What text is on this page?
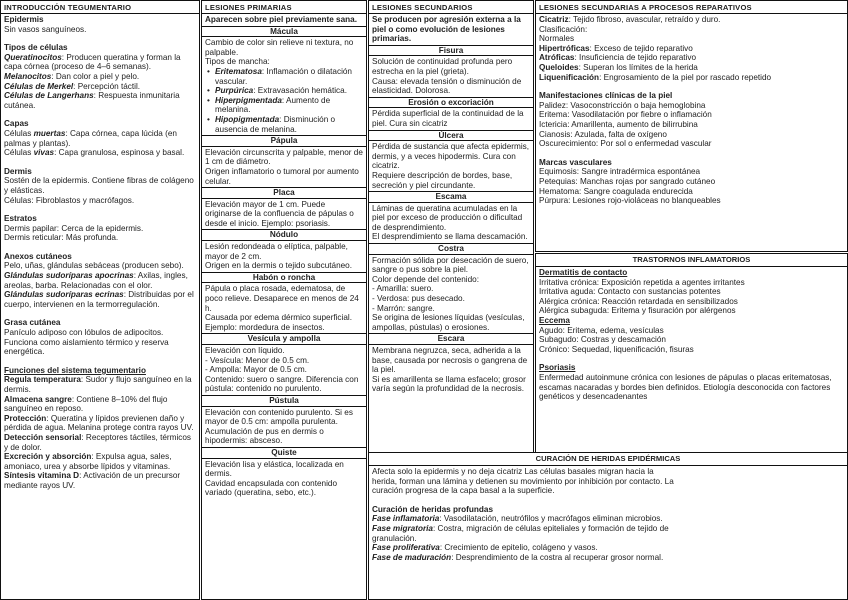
INTRODUCCIÓN TEGUMENTARIO

Epidermis

Sin vasos sanguíneos.

Tipos de células

Queratinocitos: Producen queratina y forman la capa córnea (proceso de 4–6 semanas).

Melanocitos: Dan color a piel y pelo.

Células de Merkel: Percepción táctil.

Células de Langerhans: Respuesta inmunitaria cutánea.

Capas

Células muertas: Capa córnea, capa lúcida (en palmas y plantas).

Células vivas: Capa granulosa, espinosa y basal.

Dermis

Sostén de la epidermis. Contiene fibras de colágeno y elásticas.

Células: Fibroblastos y macrófagos.

Estratos

Dermis papilar: Cerca de la epidermis.

Dermis reticular: Más profunda.

Anexos cutáneos

Pelo, uñas, glándulas sebáceas (producen sebo).

Glándulas sudoríparas apocrinas: Axilas, ingles, areolas, barba. Relacionadas con el olor.

Glándulas sudoríparas ecrinas: Distribuidas por el cuerpo, intervienen en la termorregulación.

Grasa cutánea

Panículo adiposo con lóbulos de adipocitos. Funciona como aislamiento térmico y reserva energética.

Funciones del sistema tegumentario

Regula temperatura: Sudor y flujo sanguíneo en la dermis.

Almacena sangre: Contiene 8–10% del flujo sanguíneo en reposo.

Protección: Queratina y lípidos previenen daño y pérdida de agua. Melanina protege contra rayos UV.

Detección sensorial: Receptores táctiles, térmicos y de dolor.

Excreción y absorción: Expulsa agua, sales, amoniaco, urea y absorbe lípidos y vitaminas.

Síntesis vitamina D: Activación de un precursor mediante rayos UV.

LESIONES PRIMARIAS

Aparecen sobre piel previamente sana.

Mácula

Cambio de color sin relieve ni textura, no palpable.

Tipos de mancha:

• Eritematosa: Inflamación o dilatación vascular.

• Purpúrica: Extravasación hemática.

• Hiperpigmentada: Aumento de melanina.

• Hipopigmentada: Disminución o ausencia de melanina.

Pápula

Elevación circunscrita y palpable, menor de 1 cm de diámetro.

Origen inflamatorio o tumoral por aumento celular.

Placa

Elevación mayor de 1 cm. Puede originarse de la confluencia de pápulas o desde el inicio. Ejemplo: psoriasis.

Nódulo

Lesión redondeada o elíptica, palpable, mayor de 2 cm.

Origen en la dermis o tejido subcutáneo.

Habón o roncha

Pápula o placa rosada, edematosa, de poco relieve. Desaparece en menos de 24 h.

Causada por edema dérmico superficial. Ejemplo: mordedura de insectos.

Vesícula y ampolla

Elevación con líquido.

- Vesícula: Menor de 0.5 cm.

- Ampolla: Mayor de 0.5 cm.

Contenido: suero o sangre. Diferencia con pústula: contenido no purulento.

Pústula

Elevación con contenido purulento. Si es mayor de 0.5 cm: ampolla purulenta.

Acumulación de pus en dermis o hipodermis: absceso.

Quiste

Elevación lisa y elástica, localizada en dermis.

Cavidad encapsulada con contenido variado (queratina, sebo, etc.).

LESIONES SECUNDARIOS

Se producen por agresión externa a la piel o como evolución de lesiones primarias.

Fisura

Solución de continuidad profunda pero estrecha en la piel (grieta).

Causa: elevada tensión o disminución de elasticidad. Dolorosa.

Erosión o excoriación

Pérdida superficial de la continuidad de la piel. Cura sin cicatriz

Úlcera

Pérdida de sustancia que afecta epidermis, dermis, y a veces hipodermis. Cura con cicatriz.

Requiere descripción de bordes, base, secreción y piel circundante.

Escama

Láminas de queratina acumuladas en la piel por exceso de producción o dificultad de desprendimiento.

El desprendimiento se llama descamación.

Costra

Formación sólida por desecación de suero, sangre o pus sobre la piel.

Color depende del contenido:

- Amarilla: suero.

- Verdosa: pus desecado.

- Marrón: sangre.

Se origina de lesiones líquidas (vesículas, ampollas, pústulas) o erosiones.

Escara

Membrana negruzca, seca, adherida a la base, causada por necrosis o gangrena de la piel.

Si es amarillenta se llama esfacelo; grosor varía según la profundidad de la necrosis.

LESIONES SECUNDARIAS A PROCESOS REPARATIVOS

Cicatriz: Tejido fibroso, avascular, retraído y duro.

Clasificación:

Normales

Hipertróficas: Exceso de tejido reparativo

Atróficas: Insuficiencia de tejido reparativo

Queloides: Superan los límites de la herida

Liquenificación: Engrosamiento de la piel por rascado repetido

Manifestaciones clínicas de la piel

Palidez: Vasoconstricción o baja hemoglobina

Eritema: Vasodilatación por fiebre o inflamación

Ictericia: Amarillenta, aumento de bilirrubina

Cianosis: Azulada, falta de oxígeno

Oscurecimiento: Por sol o enfermedad vascular

Marcas vasculares

Equimosis: Sangre intradérmica espontánea

Petequias: Manchas rojas por sangrado cutáneo

Hematoma: Sangre coagulada endurecida

Púrpura: Lesiones rojo-violáceas no blanqueables

TRASTORNOS INFLAMATORIOS

Dermatitis de contacto

Irritativa crónica: Exposición repetida a agentes irritantes

Irritativa aguda: Contacto con sustancias potentes

Alérgica crónica: Reacción retardada en sensibilizados

Alérgica subaguda: Eritema y fisuración por alérgenos

Eccema

Agudo: Eritema, edema, vesículas

Subagudo: Costras y descamación

Crónico: Sequedad, liquenificación, fisuras

Psoriasis

Enfermedad autoinmune crónica con lesiones de pápulas o placas eritematosas, escamas nacaradas y bordes bien definidos. Etiología desconocida con factores genéticos y desencadenantes

CURACIÓN DE HERIDAS EPIDÉRMICAS

Afecta solo la epidermis y no deja cicatriz Las células basales migran hacia la herida, forman una lámina y detienen su movimiento por inhibición por contacto. La curación progresa de la capa basal a la superficie.

Curación de heridas profundas

Fase inflamatoria: Vasodilatación, neutrófilos y macrófagos eliminan microbios.

Fase migratoria: Costra, migración de células epiteliales y formación de tejido de granulación.

Fase proliferativa: Crecimiento de epitelio, colágeno y vasos.

Fase de maduración: Desprendimiento de la costra al recuperar grosor normal.
